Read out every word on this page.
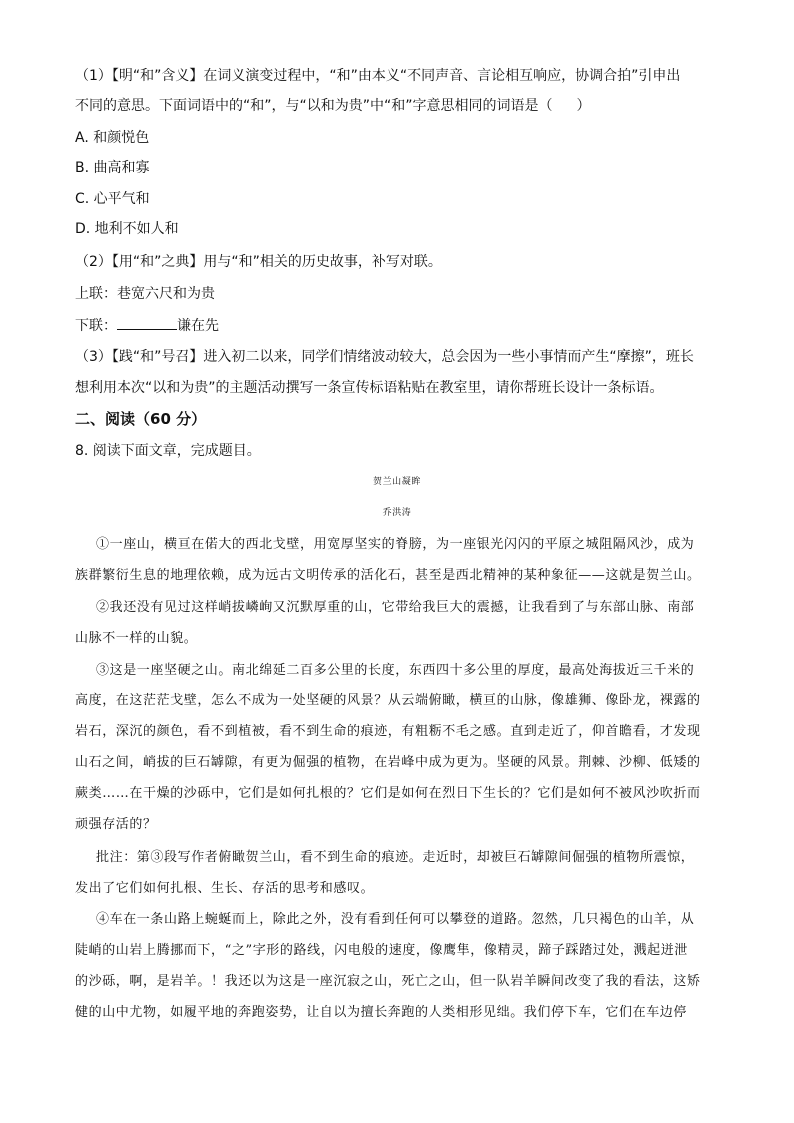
（1）【明“和”含义】在词义演变过程中，“和”由本义“不同声音、言论相互响应，协调合拍”引申出
不同的意思。下面词语中的“和”，与“以和为贵”中“和”字意思相同的词语是（ ）
A. 和颜悦色
B. 曲高和寡
C. 心平气和
D. 地利不如人和
（2）【用“和”之典】用与“和”相关的历史故事，补写对联。
上联：巷宽六尺和为贵
下联：	谦在先
（3）【践“和”号召】进入初二以来，同学们情绪波动较大，总会因为一些小事情而产生“摩擦”，班长
想利用本次“以和为贵”的主题活动撰写一条宣传标语粘贴在教室里，请你帮班长设计一条标语。
二、阅读（60 分）
8. 阅读下面文章，完成题目。
贺兰山凝眸
乔洪涛
①一座山，横亘在偌大的西北戈壁，用宽厚坚实的脊膀，为一座银光闪闪的平原之城阻隔风沙，成为
族群繁衍生息的地理依赖，成为远古文明传承的活化石，甚至是西北精神的某种象征——这就是贺兰山。
②我还没有见过这样峭拔嶙峋又沉默厚重的山，它带给我巨大的震撼，让我看到了与东部山脉、南部
山脉不一样的山貌。
③这是一座坚硬之山。南北绵延二百多公里的长度，东西四十多公里的厚度，最高处海拔近三千米的
高度，在这茫茫戈壁，怎么不成为一处坚硬的风景？从云端俯瞰，横亘的山脉，像雄狮、像卧龙，裸露的
岩石，深沉的颜色，看不到植被，看不到生命的痕迹，有粗粝不毛之感。直到走近了，仰首瞻看，才发现
山石之间，峭拔的巨石罅隙，有更为倔强的植物，在岩峰中成为更为。坚硬的风景。荆棘、沙柳、低矮的
蕨类……在干燥的沙砾中，它们是如何扎根的？它们是如何在烈日下生长的？它们是如何不被风沙吹折而
顽强存活的？
批注：第③段写作者俯瞰贺兰山，看不到生命的痕迹。走近时，却被巨石罅隙间倔强的植物所震惊，
发出了它们如何扎根、生长、存活的思考和感叹。
④车在一条山路上蜿蜒而上，除此之外，没有看到任何可以攀登的道路。忽然，几只褐色的山羊，从
陡峭的山岩上腾挪而下，“之”字形的路线，闪电般的速度，像鹰隼，像精灵，蹄子踩踏过处，溅起迸泄
的沙砾，啊，是岩羊。！我还以为这是一座沉寂之山，死亡之山，但一队岩羊瞬间改变了我的看法，这矫
健的山中尤物，如履平地的奔跑姿势，让自以为擅长奔跑的人类相形见绌。我们停下车，它们在车边停
